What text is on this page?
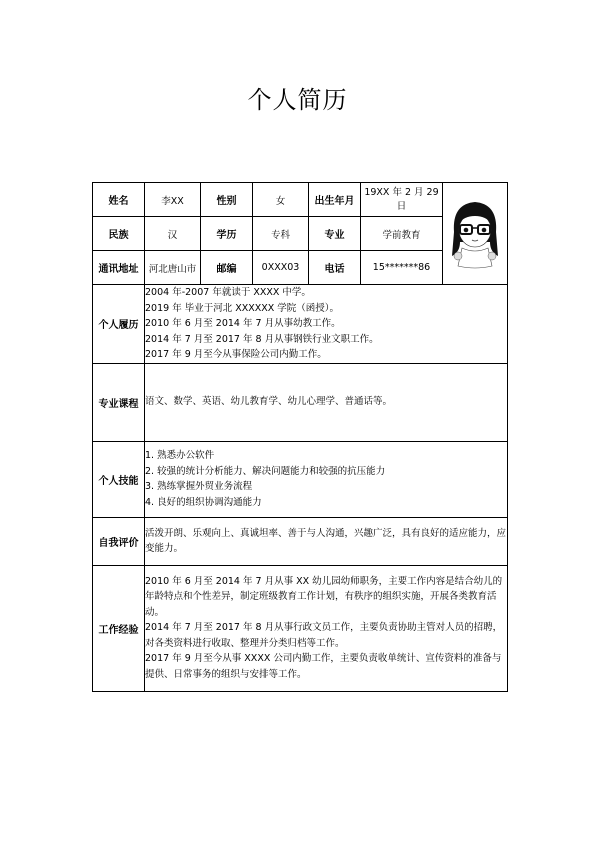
个人简历
姓名	李XX	性别	女	出生年月	19XX 年 2 月 29 日	

民族	汉	学历	专科	专业	学前教育	
通讯地址	河北唐山市	邮编	0XXX03	电话	15*******86	
个人履历	2004 年-2007 年就读于 XXXX 中学。
2019 年 毕业于河北 XXXXXX 学院（函授）。
2010 年 6 月至 2014 年 7 月从事幼教工作。
2014 年 7 月至 2017 年 8 月从事钢铁行业文职工作。
2017 年 9 月至今从事保险公司内勤工作。					

专业课程	语文、数学、英语、幼儿教育学、幼儿心理学、普通话等。					
个人技能	1. 熟悉办公软件
2. 较强的统计分析能力、解决问题能力和较强的抗压能力
3. 熟练掌握外贸业务流程
4. 良好的组织协调沟通能力					

自我评价	活泼开朗、乐观向上、真诚坦率、善于与人沟通，兴趣广泛，具有良好的适应能力，应变能力。					
工作经验	2010 年 6 月至 2014 年 7 月从事 XX 幼儿园幼师职务，主要工作内容是结合幼儿的年龄特点和个性差异，制定班级教育工作计划，有秩序的组织实施，开展各类教育活动。
2014 年 7 月至 2017 年 8 月从事行政文员工作，主要负责协助主管对人员的招聘，对各类资料进行收取、整理并分类归档等工作。
2017 年 9 月至今从事 XXXX 公司内勤工作，主要负责收单统计、宣传资料的准备与提供、日常事务的组织与安排等工作。					
